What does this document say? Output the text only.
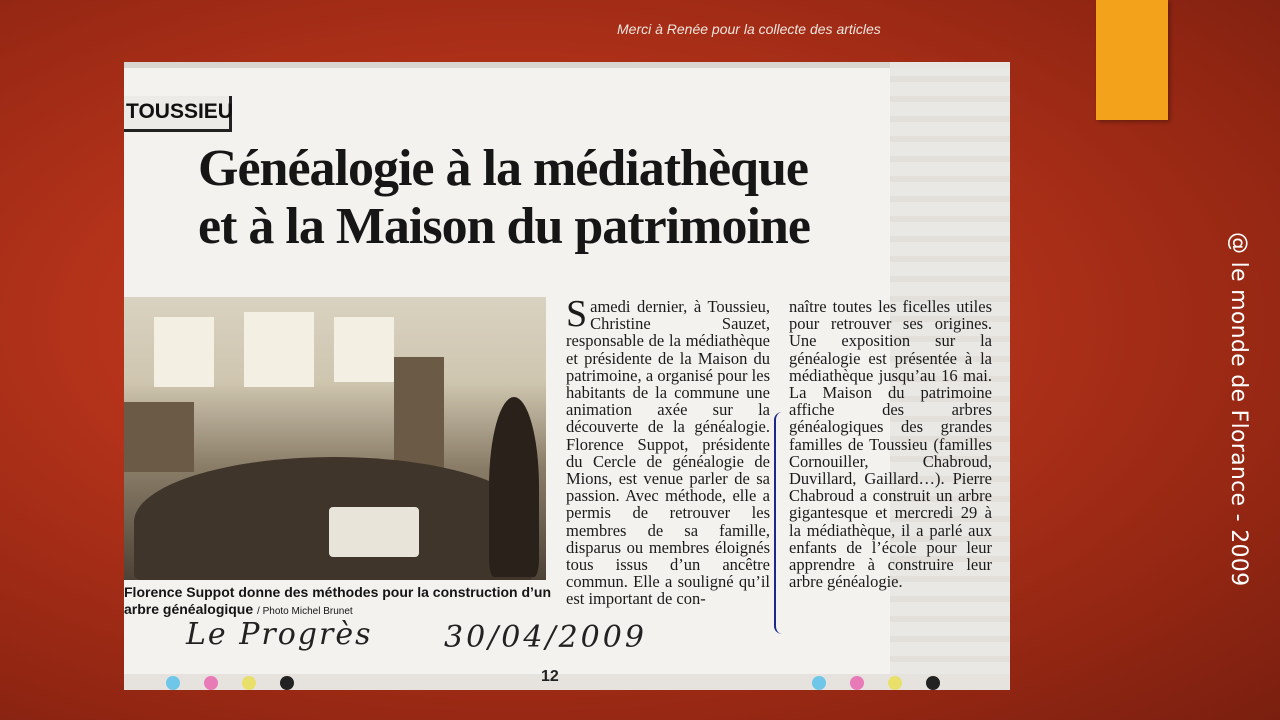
Merci à Renée pour la collecte des articles
@ le monde de Florance - 2009
TOUSSIEU
Généalogie à la médiathèque
et à la Maison du patrimoine
Florence Suppot donne des méthodes pour la construction d’un arbre généalogique / Photo Michel Brunet
Samedi dernier, à Toussieu, Christine Sauzet, responsable de la médiathèque et présidente de la Maison du patrimoine, a organisé pour les habitants de la commune une animation axée sur la découverte de la généalogie. Florence Suppot, présidente du Cercle de généalogie de Mions, est venue parler de sa passion. Avec méthode, elle a permis de retrouver les membres de sa famille, disparus ou membres éloignés tous issus d’un ancêtre commun. Elle a souligné qu’il est important de con-
naître toutes les ficelles utiles pour retrouver ses origines. Une exposition sur la généalogie est présentée à la médiathèque jusqu’au 16 mai. La Maison du patrimoine affiche des arbres généalogiques des grandes familles de Toussieu (familles Cornouiller, Chabroud, Duvillard, Gaillard…). Pierre Chabroud a construit un arbre gigantesque et mercredi 29 à la médiathèque, il a parlé aux enfants de l’école pour leur apprendre à construire leur arbre généalogie.
Le Progrès 30/04/2009
12
